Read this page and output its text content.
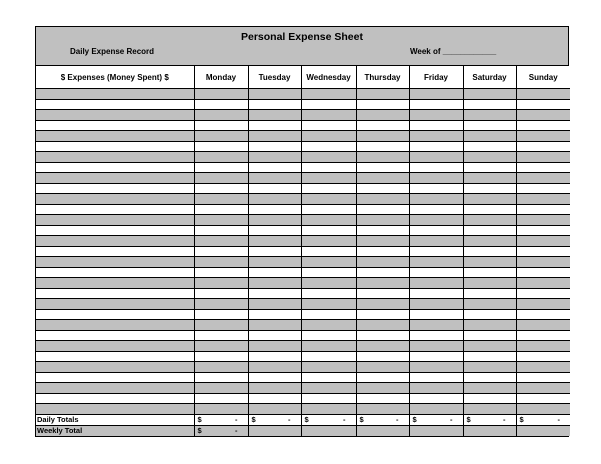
Personal Expense Sheet
Daily Expense Record	Week of ____________
$ Expenses (Money Spent) $	Monday	Tuesday	Wednesday	Thursday	Friday	Saturday	Sunday

Daily Totals	$ -	$ -	$ -	$ -	$ -	$ -	$ -

Weekly Total	$ -						
